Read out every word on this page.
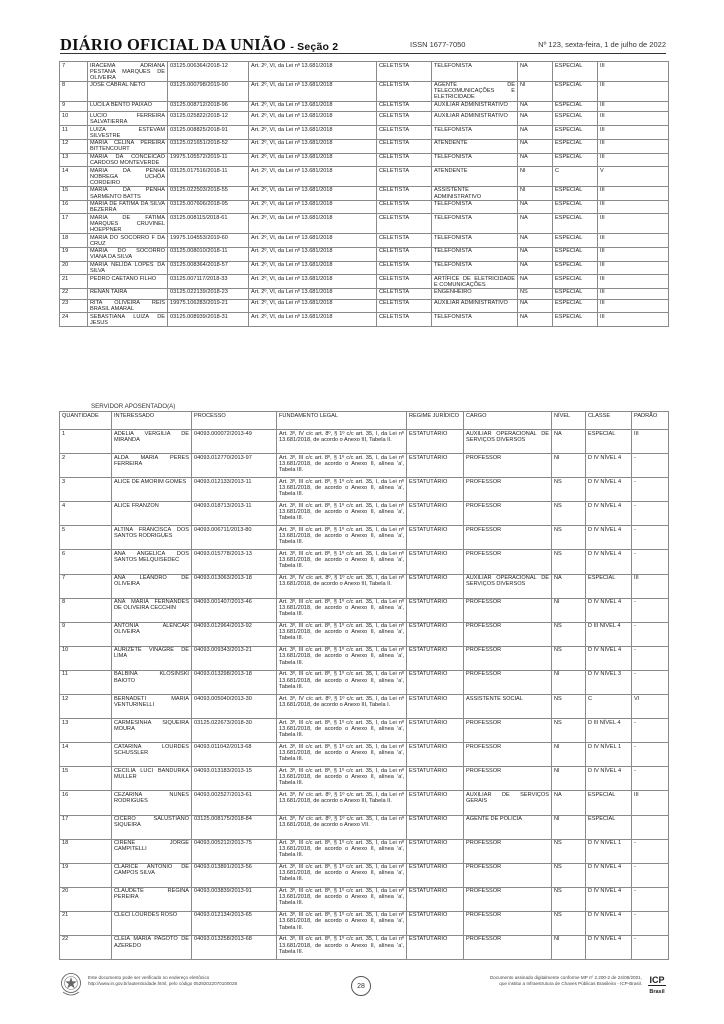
DIÁRIO OFICIAL DA UNIÃO - Seção 2	ISSN 1677-7050	Nº 123, sexta-feira, 1 de julho de 2022
7	IRACEMA ADRIANA PESTANA MARQUES DE OLIVEIRA	03125.006364/2018-12	Art. 2º, VI, da Lei nº 13.681/2018	CELETISTA	TELEFONISTA	NA	ESPECIAL	III
8	JOSÉ CABRAL NETO	03125.000798/2019-90	Art. 2º, VI, da Lei nº 13.681/2018	CELETISTA	AGENTE DE TELECOMUNICAÇÕES E ELETRICIDADE	NI	ESPECIAL	III
9	LUCILA BENTO PAIXAO	03125.008712/2018-96	Art. 2º, VI, da Lei nº 13.681/2018	CELETISTA	AUXILIAR ADMINISTRATIVO	NA	ESPECIAL	III
10	LUCIO FERREIRA SALVATIERRA	03125.025822/2018-12	Art. 2º, VI, da Lei nº 13.681/2018	CELETISTA	AUXILIAR ADMINISTRATIVO	NA	ESPECIAL	III
11	LUIZA ESTEVAM SILVESTRE	03125.008825/2018-91	Art. 2º, VI, da Lei nº 13.681/2018	CELETISTA	TELEFONISTA	NA	ESPECIAL	III
12	MARIA CELINA PEREIRA BITTENCOURT	03125.021651/2018-52	Art. 2º, VI, da Lei nº 13.681/2018	CELETISTA	ATENDENTE	NA	ESPECIAL	III
13	MARIA DA CONCEICAO CARDOSO MONTEVERDE	19975.105572/2019-11	Art. 2º, VI, da Lei nº 13.681/2018	CELETISTA	TELEFONISTA	NA	ESPECIAL	III
14	MARIA DA PENHA NOBREGA UCHÔA CORDEIRO	03125.017516/2018-11	Art. 2º, VI, da Lei nº 13.681/2018	CELETISTA	ATENDENTE	NI	C	V
15	MARIA DA PENHA SARMENTO BATTS	03125.022503/2018-55	Art. 2º, VI, da Lei nº 13.681/2018	CELETISTA	ASSISTENTE ADMINISTRATIVO	NI	ESPECIAL	III
16	MARIA DE FATIMA DA SILVA BEZERRA	03125.007606/2018-95	Art. 2º, VI, da Lei nº 13.681/2018	CELETISTA	TELEFONISTA	NA	ESPECIAL	III
17	MARIA DE FATIMA MARQUES CRUVINEL HOEPPNER	03125.008115/2018-61	Art. 2º, VI, da Lei nº 13.681/2018	CELETISTA	TELEFONISTA	NA	ESPECIAL	III
18	MARIA DO SOCORRO F DA CRUZ	19975.104553/2019-60	Art. 2º, VI, da Lei nº 13.681/2018	CELETISTA	TELEFONISTA	NA	ESPECIAL	III
19	MARIA DO SOCORRO VIANA DA SILVA	03125.008010/2018-11	Art. 2º, VI, da Lei nº 13.681/2018	CELETISTA	TELEFONISTA	NA	ESPECIAL	III
20	MARIA NELIDA LOPES DA SILVA	03125.008364/2018-57	Art. 2º, VI, da Lei nº 13.681/2018	CELETISTA	TELEFONISTA	NA	ESPECIAL	III
21	PEDRO CAETANO FILHO	03125.007117/2018-33	Art. 2º, VI, da Lei nº 13.681/2018	CELETISTA	ARTÍFICE DE ELETRICIDADE E COMUNICAÇÕES	NA	ESPECIAL	III
22	RENAN TAIRA	03125.022139/2018-23	Art. 2º, VI, da Lei nº 13.681/2018	CELETISTA	ENGENHEIRO	NS	ESPECIAL	III
23	RITA OLIVEIRA REIS BRASIL AMARAL	19975.106283/2019-21	Art. 2º, VI, da Lei nº 13.681/2018	CELETISTA	AUXILIAR ADMINISTRATIVO	NA	ESPECIAL	III
24	SEBASTIANA LUIZA DE JESUS	03125.008939/2018-31	Art. 2º, VI, da Lei nº 13.681/2018	CELETISTA	TELEFONISTA	NA	ESPECIAL	III
SERVIDOR APOSENTADO(A)
QUANTIDADE	INTERESSADO	PROCESSO	FUNDAMENTO LEGAL	REGIME JURÍDICO	CARGO	NÍVEL	CLASSE	PADRÃO
1	ADELIA VERGILIA DE MIRANDA	04093.000072/2013-49	Art. 3º, IV c/c art. 8º, § 1º c/c art. 35, I, da Lei nº 13.681/2018, de acordo o Anexo III, Tabela II.	ESTATUTÁRIO	AUXILIAR OPERACIONAL DE SERVIÇOS DIVERSOS	NA	ESPECIAL	III
2	ALDA MARIA PERES FERREIRA	04093.012770/2013-97	Art. 3º, III c/c art. 8º, § 1º c/c art. 35, I, da Lei nº 13.681/2018, de acordo o Anexo II, alínea 'a', Tabela III.	ESTATUTÁRIO	PROFESSOR	NI	D IV NÍVEL 4	-
3	ALICE DE AMORIM GOMES	04093.012133/2013-11	Art. 3º, III c/c art. 8º, § 1º c/c art. 35, I, da Lei nº 13.681/2018, de acordo o Anexo II, alínea 'a', Tabela III.	ESTATUTÁRIO	PROFESSOR	NS	D IV NÍVEL 4	-
4	ALICE FRANZON	04093.018713/2013-11	Art. 3º, III c/c art. 8º, § 1º c/c art. 35, I, da Lei nº 13.681/2018, de acordo o Anexo II, alínea 'a', Tabela III.	ESTATUTÁRIO	PROFESSOR	NS	D IV NÍVEL 4	-
5	ALTINA FRANCISCA DOS SANTOS RODRIGUES	04093.006711/2013-80	Art. 3º, III c/c art. 8º, § 1º c/c art. 35, I, da Lei nº 13.681/2018, de acordo o Anexo II, alínea 'a', Tabela III.	ESTATUTÁRIO	PROFESSOR	NS	D IV NÍVEL 4	-
6	ANA ANGELICA DOS SANTOS MELQUISEDEC	04093.015778/2013-13	Art. 3º, III c/c art. 8º, § 1º c/c art. 35, I, da Lei nº 13.681/2018, de acordo o Anexo II, alínea 'a', Tabela III.	ESTATUTÁRIO	PROFESSOR	NS	D IV NÍVEL 4	-
7	ANA LEANDRO DE OLIVEIRA	04093.013063/2013-18	Art. 3º, IV c/c art. 8º, § 1º c/c art. 35, I, da Lei nº 13.681/2018, de acordo o Anexo III, Tabela II.	ESTATUTÁRIO	AUXILIAR OPERACIONAL DE SERVIÇOS DIVERSOS	NA	ESPECIAL	III
8	ANA MARIA FERNANDES DE OLIVEIRA CECCHIN	04093.001407/2013-46	Art. 3º, III c/c art. 8º, § 1º c/c art. 35, I, da Lei nº 13.681/2018, de acordo o Anexo II, alínea 'a', Tabela III.	ESTATUTÁRIO	PROFESSOR	NI	D IV NÍVEL 4	-
9	ANTONIA ALENCAR OLIVEIRA	04093.012964/2013-92	Art. 3º, III c/c art. 8º, § 1º c/c art. 35, I, da Lei nº 13.681/2018, de acordo o Anexo II, alínea 'a', Tabela III.	ESTATUTÁRIO	PROFESSOR	NS	D III NÍVEL 4	-
10	AURIZETE VINAGRE DE LIMA	04093.009343/2013-21	Art. 3º, III c/c art. 8º, § 1º c/c art. 35, I, da Lei nº 13.681/2018, de acordo o Anexo II, alínea 'a', Tabela III.	ESTATUTÁRIO	PROFESSOR	NS	D IV NÍVEL 4	-
11	BALBINA KLOSINSKI BAIOTO	04093.013298/2013-18	Art. 3º, III c/c art. 8º, § 1º c/c art. 35, I, da Lei nº 13.681/2018, de acordo o Anexo II, alínea 'a', Tabela III.	ESTATUTÁRIO	PROFESSOR	NI	D IV NÍVEL 3	-
12	BERNADETI MARIA VENTURINELLI	04093.005040/2013-30	Art. 3º, IV c/c art. 8º, § 1º c/c art. 35, I, da Lei nº 13.681/2018, de acordo o Anexo III, Tabela I.	ESTATUTÁRIO	ASSISTENTE SOCIAL	NS	C	VI
13	CARMESINHA SIQUEIRA MOURA	03125.022673/2018-30	Art. 3º, III c/c art. 8º, § 1º c/c art. 35, I, da Lei nº 13.681/2018, de acordo o Anexo II, alínea 'a', Tabela III.	ESTATUTÁRIO	PROFESSOR	NS	D III NÍVEL 4	-
14	CATARINA LOURDES SCHUSSLER	04093.011042/2013-68	Art. 3º, III c/c art. 8º, § 1º c/c art. 35, I, da Lei nº 13.681/2018, de acordo o Anexo II, alínea 'a', Tabela III.	ESTATUTÁRIO	PROFESSOR	NI	D IV NÍVEL 1	-
15	CECILIA LUCI BANDURKA MULLER	04093.013183/2013-15	Art. 3º, III c/c art. 8º, § 1º c/c art. 35, I, da Lei nº 13.681/2018, de acordo o Anexo II, alínea 'a', Tabela III.	ESTATUTÁRIO	PROFESSOR	NI	D IV NÍVEL 4	-
16	CEZARINA NUNES RODRIGUES	04093.002527/2013-61	Art. 3º, IV c/c art. 8º, § 1º c/c art. 35, I, da Lei nº 13.681/2018, de acordo o Anexo III, Tabela II.	ESTATUTÁRIO	AUXILIAR DE SERVIÇOS GERAIS	NA	ESPECIAL	III
17	CICERO SALUSTIANO SIQUEIRA	03125.008175/2018-84	Art. 3º, IV c/c art. 8º, § 1º c/c art. 35, I, da Lei nº 13.681/2018, de acordo o Anexo VII.	ESTATUTÁRIO	AGENTE DE POLÍCIA	NI	ESPECIAL	
18	CIRENE JORGE CAMPITELLI	04093.005212/2013-75	Art. 3º, III c/c art. 8º, § 1º c/c art. 35, I, da Lei nº 13.681/2018, de acordo o Anexo II, alínea 'a', Tabela III.	ESTATUTÁRIO	PROFESSOR	NS	D IV NÍVEL 1	-
19	CLARICE ANTONIO DE CAMPOS SILVA	04093.013891/2013-56	Art. 3º, III c/c art. 8º, § 1º c/c art. 35, I, da Lei nº 13.681/2018, de acordo o Anexo II, alínea 'a', Tabela III.	ESTATUTÁRIO	PROFESSOR	NS	D IV NÍVEL 4	-
20	CLAUDETE REGINA PEREIRA	04093.003839/2013-91	Art. 3º, III c/c art. 8º, § 1º c/c art. 35, I, da Lei nº 13.681/2018, de acordo o Anexo II, alínea 'a', Tabela III.	ESTATUTÁRIO	PROFESSOR	NS	D IV NÍVEL 4	-
21	CLECI LOURDES ROSO	04093.012134/2013-65	Art. 3º, III c/c art. 8º, § 1º c/c art. 35, I, da Lei nº 13.681/2018, de acordo o Anexo II, alínea 'a', Tabela III.	ESTATUTÁRIO	PROFESSOR	NS	D IV NÍVEL 4	-
22	CLEIA MARIA PAGOTO DE AZEREDO	04093.013258/2013-68	Art. 3º, III c/c art. 8º, § 1º c/c art. 35, I, da Lei nº 13.681/2018, de acordo o Anexo II, alínea 'a', Tabela III.	ESTATUTÁRIO	PROFESSOR	NI	D IV NÍVEL 4	-
Este documento pode ser verificado no endereço eletrônico
http://www.in.gov.br/autenticidade.html, pelo código 05292022070100028	28
Documento assinado digitalmente conforme MP nº 2.200-2 de 24/08/2001,
que institui a Infraestrutura de Chaves Públicas Brasileira - ICP-Brasil. ICP
Brasil
